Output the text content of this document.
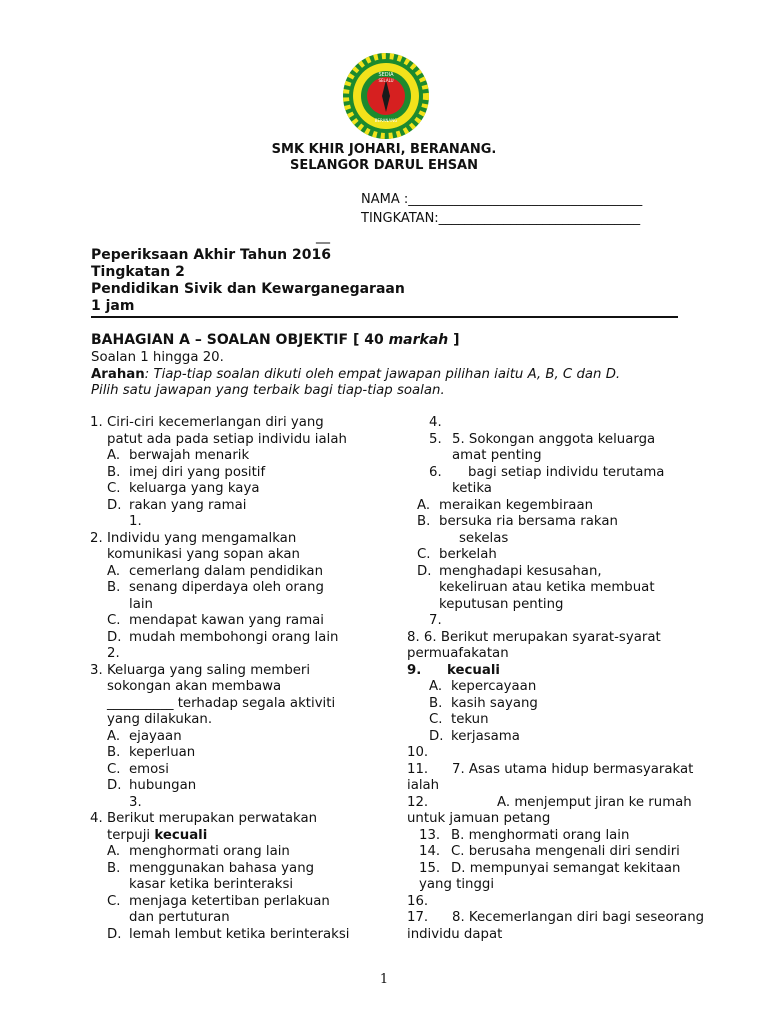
SEDIA
SELALU
BERANANG
SMK KHIR JOHARI, BERANANG.
SELANGOR DARUL EHSAN
NAMA :____________________________________
TINGKATAN:_______________________________
__
Peperiksaan Akhir Tahun 2016
Tingkatan 2
Pendidikan Sivik dan Kewarganegaraan
1 jam
BAHAGIAN A – SOALAN OBJEKTIF [ 40 markah ]
Soalan 1 hingga 20.
Arahan: Tiap-tiap soalan dikuti oleh empat jawapan pilihan iaitu A, B, C dan D.
Pilih satu jawapan yang terbaik bagi tiap-tiap soalan.
1. Ciri-ciri kecemerlangan diri yang
patut ada pada setiap individu ialah
A. berwajah menarik
B. imej diri yang positif
C. keluarga yang kaya
D. rakan yang ramai
1.
2. Individu yang mengamalkan
komunikasi yang sopan akan
A. cemerlang dalam pendidikan
B. senang diperdaya oleh orang
lain
C. mendapat kawan yang ramai
D. mudah membohongi orang lain
2.
3. Keluarga yang saling memberi
sokongan akan membawa
__________ terhadap segala aktiviti
yang dilakukan.
A. ejayaan
B. keperluan
C. emosi
D. hubungan
3.
4. Berikut merupakan perwatakan
terpuji kecuali
A. menghormati orang lain
B. menggunakan bahasa yang
kasar ketika berinteraksi
C. menjaga ketertiban perlakuan
dan pertuturan
D. lemah lembut ketika berinteraksi
4.
5. 5. Sokongan anggota keluarga
amat penting
6. bagi setiap individu terutama
ketika
A. meraikan kegembiraan
B. bersuka ria bersama rakan
sekelas
C. berkelah
D. menghadapi kesusahan,
kekeliruan atau ketika membuat
keputusan penting
7.
8. 6. Berikut merupakan syarat-syarat
permuafakatan
9. kecuali
A. kepercayaan
B. kasih sayang
C. tekun
D. kerjasama
10.
11. 7. Asas utama hidup bermasyarakat
ialah
12.	A. menjemput jiran ke rumah
untuk jamuan petang
13. B. menghormati orang lain
14. C. berusaha mengenali diri sendiri
15. D. mempunyai semangat kekitaan
yang tinggi
16.
17. 8. Kecemerlangan diri bagi seseorang
individu dapat
1
